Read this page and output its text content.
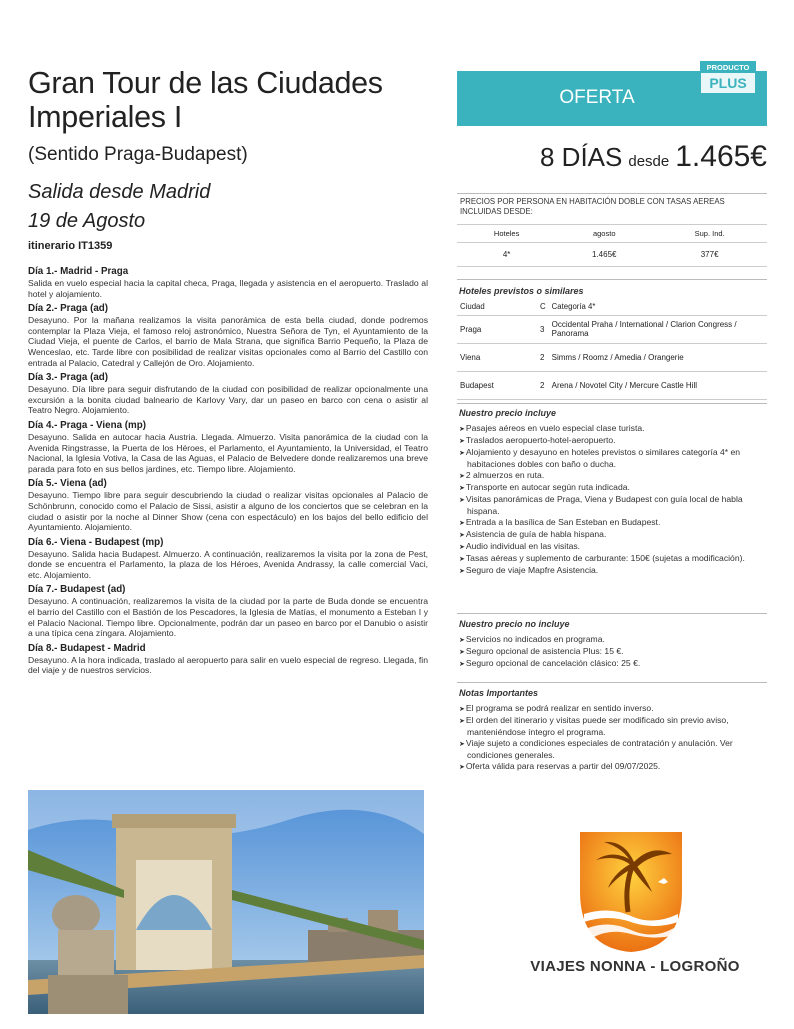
Gran Tour de las Ciudades Imperiales I
(Sentido Praga-Budapest)
Salida desde Madrid
19 de Agosto
itinerario IT1359
Día 1.- Madrid - Praga
Salida en vuelo especial hacia la capital checa, Praga, llegada y asistencia en el aeropuerto. Traslado al hotel y alojamiento.
Día 2.- Praga (ad)
Desayuno. Por la mañana realizamos la visita panorámica de esta bella ciudad, donde podremos contemplar la Plaza Vieja, el famoso reloj astronómico, Nuestra Señora de Tyn, el Ayuntamiento de la Ciudad Vieja, el puente de Carlos, el barrio de Mala Strana, que significa Barrio Pequeño, la Plaza de Wenceslao, etc. Tarde libre con posibilidad de realizar visitas opcionales como al Barrio del Castillo con entrada al Palacio, Catedral y Callejón de Oro. Alojamiento.
Día 3.- Praga (ad)
Desayuno. Día libre para seguir disfrutando de la ciudad con posibilidad de realizar opcionalmente una excursión a la bonita ciudad balneario de Karlovy Vary, dar un paseo en barco con cena o asistir al Teatro Negro. Alojamiento.
Día 4.- Praga - Viena (mp)
Desayuno. Salida en autocar hacia Austria. Llegada. Almuerzo. Visita panorámica de la ciudad con la Avenida Ringstrasse, la Puerta de los Héroes, el Parlamento, el Ayuntamiento, la Universidad, el Teatro Nacional, la Iglesia Votiva, la Casa de las Aguas, el Palacio de Belvedere donde realizaremos una breve parada para foto en sus bellos jardines, etc. Tiempo libre. Alojamiento.
Día 5.- Viena (ad)
Desayuno. Tiempo libre para seguir descubriendo la ciudad o realizar visitas opcionales al Palacio de Schönbrunn, conocido como el Palacio de Sissi, asistir a alguno de los conciertos que se celebran en la ciudad o asistir por la noche al Dinner Show (cena con espectáculo) en los bajos del bello edificio del Ayuntamiento. Alojamiento.
Día 6.- Viena - Budapest (mp)
Desayuno. Salida hacia Budapest. Almuerzo. A continuación, realizaremos la visita por la zona de Pest, donde se encuentra el Parlamento, la plaza de los Héroes, Avenida Andrassy, la calle comercial Vaci, etc. Alojamiento.
Día 7.- Budapest (ad)
Desayuno. A continuación, realizaremos la visita de la ciudad por la parte de Buda donde se encuentra el barrio del Castillo con el Bastión de los Pescadores, la Iglesia de Matías, el monumento a Esteban I y el Palacio Nacional. Tiempo libre. Opcionalmente, podrán dar un paseo en barco por el Danubio o asistir a una típica cena zíngara. Alojamiento.
Día 8.- Budapest - Madrid
Desayuno. A la hora indicada, traslado al aeropuerto para salir en vuelo especial de regreso. Llegada, fin del viaje y de nuestros servicios.
OFERTA
PRODUCTO
PLUS
8 DÍAS desde 1.465€
PRECIOS POR PERSONA EN HABITACIÓN DOBLE CON TASAS AEREAS INCLUIDAS DESDE:
Hoteles	agosto	Sup. Ind.
4*	1.465€	377€
Hoteles previstos o similares
Ciudad	C	Categoría 4*
Praga	3	Occidental Praha / International / Clarion Congress / Panorama
Viena	2	Simms / Roomz / Amedia / Orangerie
Budapest	2	Arena / Novotel City / Mercure Castle Hill
Nuestro precio incluye
➤ Pasajes aéreos en vuelo especial clase turista.
➤ Traslados aeropuerto-hotel-aeropuerto.
➤ Alojamiento y desayuno en hoteles previstos o similares categoría 4* en habitaciones dobles con baño o ducha.
➤ 2 almuerzos en ruta.
➤ Transporte en autocar según ruta indicada.
➤ Visitas panorámicas de Praga, Viena y Budapest con guía local de habla hispana.
➤ Entrada a la basílica de San Esteban en Budapest.
➤ Asistencia de guía de habla hispana.
➤ Audio individual en las visitas.
➤ Tasas aéreas y suplemento de carburante: 150€ (sujetas a modificación).
➤ Seguro de viaje Mapfre Asistencia.
Nuestro precio no incluye
➤ Servicios no indicados en programa.
➤ Seguro opcional de asistencia Plus: 15 €.
➤ Seguro opcional de cancelación clásico: 25 €.
Notas Importantes
➤ El programa se podrá realizar en sentido inverso.
➤ El orden del itinerario y visitas puede ser modificado sin previo aviso, manteniéndose íntegro el programa.
➤ Viaje sujeto a condiciones especiales de contratación y anulación. Ver condiciones generales.
➤ Oferta válida para reservas a partir del 09/07/2025.
VIAJES NONNA - LOGROÑO
